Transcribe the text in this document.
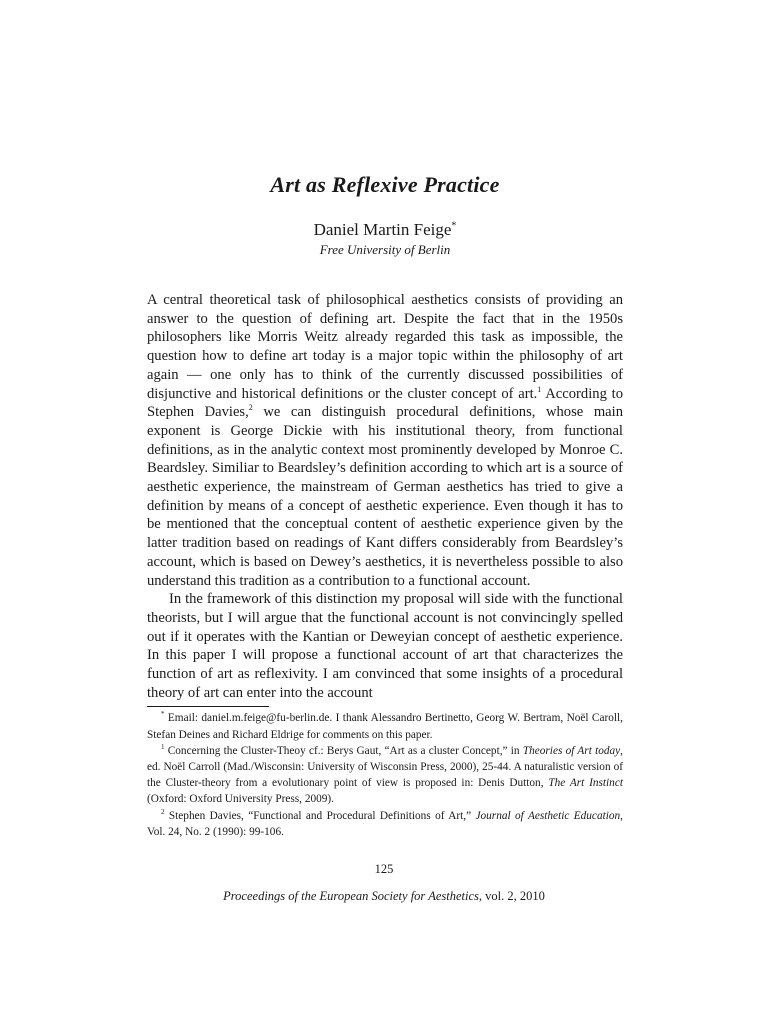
Art as Reflexive Practice
Daniel Martin Feige*
Free University of Berlin

A central theoretical task of philosophical aesthetics consists of providing an answer to the question of defining art. Despite the fact that in the 1950s philosophers like Morris Weitz already regarded this task as impossible, the question how to define art today is a major topic within the philosophy of art again — one only has to think of the currently discussed possibilities of disjunctive and historical definitions or the cluster concept of art.$^1$ According to Stephen Davies,$^2$ we can distinguish procedural definitions, whose main exponent is George Dickie with his institutional theory, from functional definitions, as in the analytic context most prominently developed by Monroe C. Beardsley. Similiar to Beardsley’s definition according to which art is a source of aesthetic experience, the mainstream of German aesthetics has tried to give a definition by means of a concept of aesthetic experience. Even though it has to be mentioned that the conceptual content of aesthetic experience given by the latter tradition based on readings of Kant differs considerably from Beardsley’s account, which is based on Dewey’s aesthetics, it is nevertheless possible to also understand this tradition as a contribution to a functional account.

In the framework of this distinction my proposal will side with the functional theorists, but I will argue that the functional account is not convincingly spelled out if it operates with the Kantian or Deweyian concept of aesthetic experience. In this paper I will propose a functional account of art that characterizes the function of art as reflexivity. I am convinced that some insights of a procedural theory of art can enter into the account

* Email: daniel.m.feige@fu-berlin.de. I thank Alessandro Bertinetto, Georg W. Bertram, Noël Caroll, Stefan Deines and Richard Eldrige for comments on this paper.

$^1$ Concerning the Cluster-Theoy cf.: Berys Gaut, “Art as a cluster Concept,” in Theories of Art today, ed. Noël Carroll (Mad./Wisconsin: University of Wisconsin Press, 2000), 25-44. A naturalistic version of the Cluster-theory from a evolutionary point of view is proposed in: Denis Dutton, The Art Instinct (Oxford: Oxford University Press, 2009).

$^2$ Stephen Davies, “Functional and Procedural Definitions of Art,” Journal of Aesthetic Education, Vol. 24, No. 2 (1990): 99-106.

125
Proceedings of the European Society for Aesthetics, vol. 2, 2010
